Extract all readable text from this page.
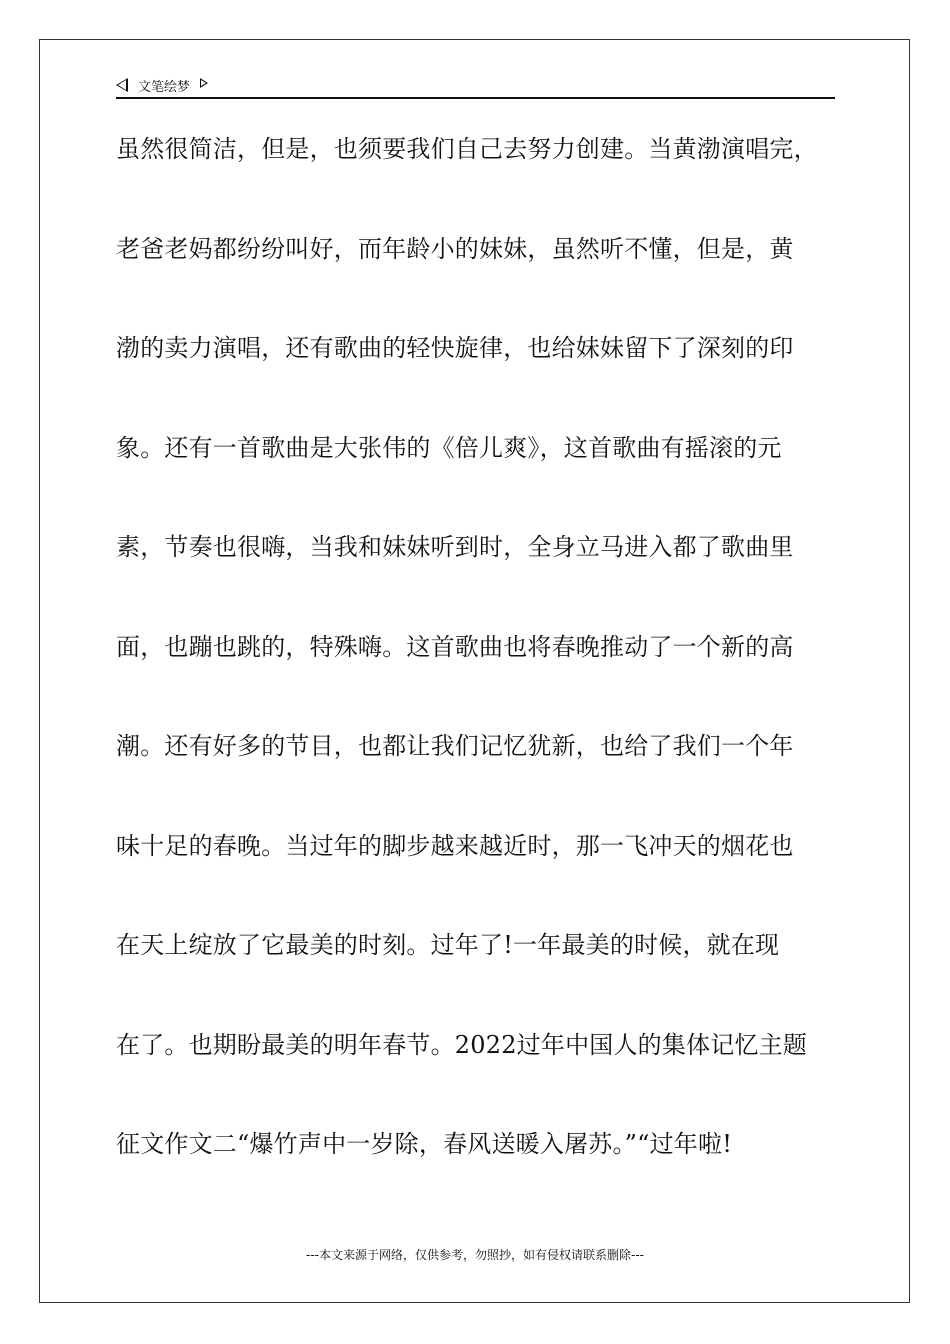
文笔绘梦
虽然很简洁，但是，也须要我们自己去努力创建。当黄渤演唱完，
老爸老妈都纷纷叫好，而年龄小的妹妹，虽然听不懂，但是，黄
渤的卖力演唱，还有歌曲的轻快旋律，也给妹妹留下了深刻的印
象。还有一首歌曲是大张伟的《倍儿爽》，这首歌曲有摇滚的元
素，节奏也很嗨，当我和妹妹听到时，全身立马进入都了歌曲里
面，也蹦也跳的，特殊嗨。这首歌曲也将春晚推动了一个新的高
潮。还有好多的节目，也都让我们记忆犹新，也给了我们一个年
味十足的春晚。当过年的脚步越来越近时，那一飞冲天的烟花也
在天上绽放了它最美的时刻。过年了!一年最美的时候，就在现
在了。也期盼最美的明年春节。2022过年中国人的集体记忆主题
征文作文二“爆竹声中一岁除，春风送暖入屠苏。”“过年啦!
---本文来源于网络，仅供参考，勿照抄，如有侵权请联系删除---
